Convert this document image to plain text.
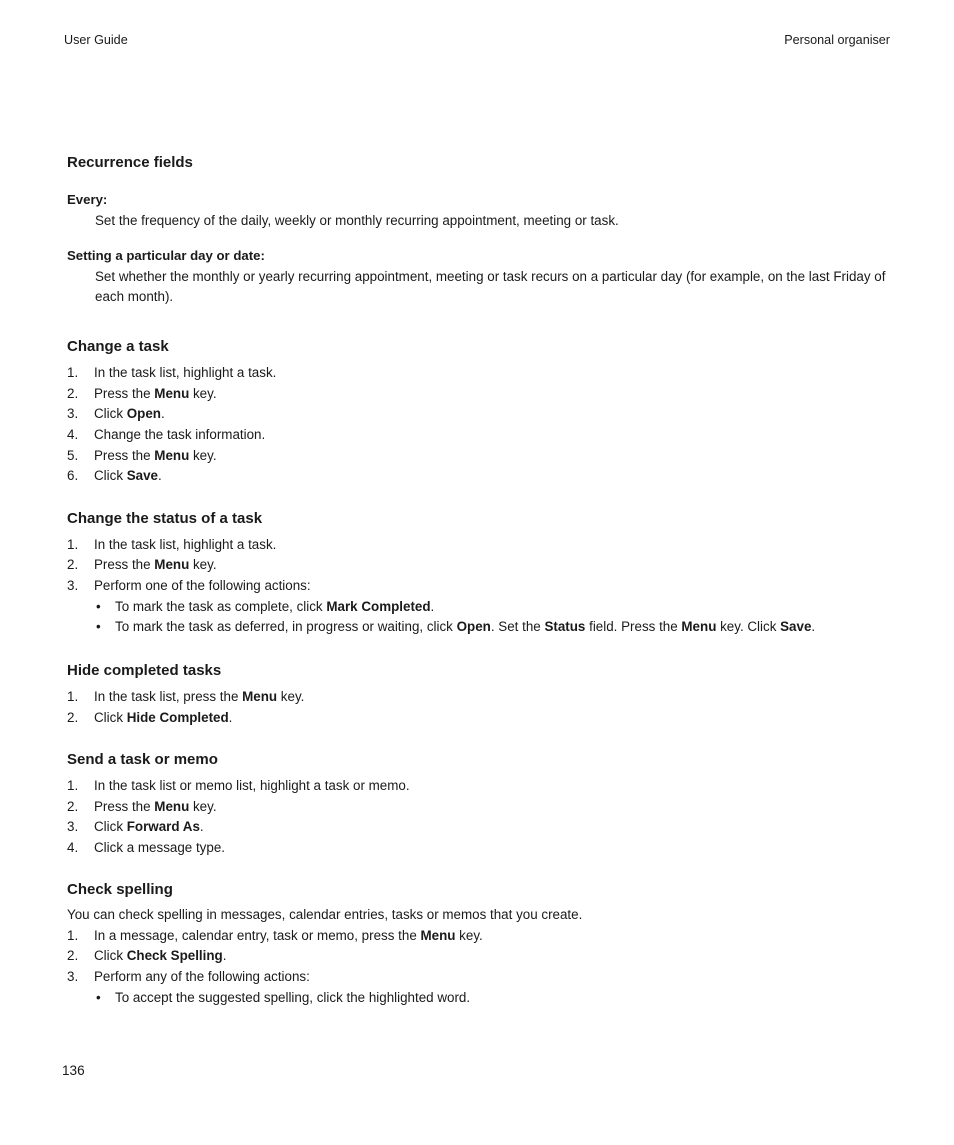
User Guide	Personal organiser
Recurrence fields
Every:
Set the frequency of the daily, weekly or monthly recurring appointment, meeting or task.
Setting a particular day or date:
Set whether the monthly or yearly recurring appointment, meeting or task recurs on a particular day (for example, on the last Friday of each month).
Change a task
1. In the task list, highlight a task.
2. Press the Menu key.
3. Click Open.
4. Change the task information.
5. Press the Menu key.
6. Click Save.
Change the status of a task
1. In the task list, highlight a task.
2. Press the Menu key.
3. Perform one of the following actions:
• To mark the task as complete, click Mark Completed.
• To mark the task as deferred, in progress or waiting, click Open. Set the Status field. Press the Menu key. Click Save.
Hide completed tasks
1. In the task list, press the Menu key.
2. Click Hide Completed.
Send a task or memo
1. In the task list or memo list, highlight a task or memo.
2. Press the Menu key.
3. Click Forward As.
4. Click a message type.
Check spelling
You can check spelling in messages, calendar entries, tasks or memos that you create.
1. In a message, calendar entry, task or memo, press the Menu key.
2. Click Check Spelling.
3. Perform any of the following actions:
• To accept the suggested spelling, click the highlighted word.
136
